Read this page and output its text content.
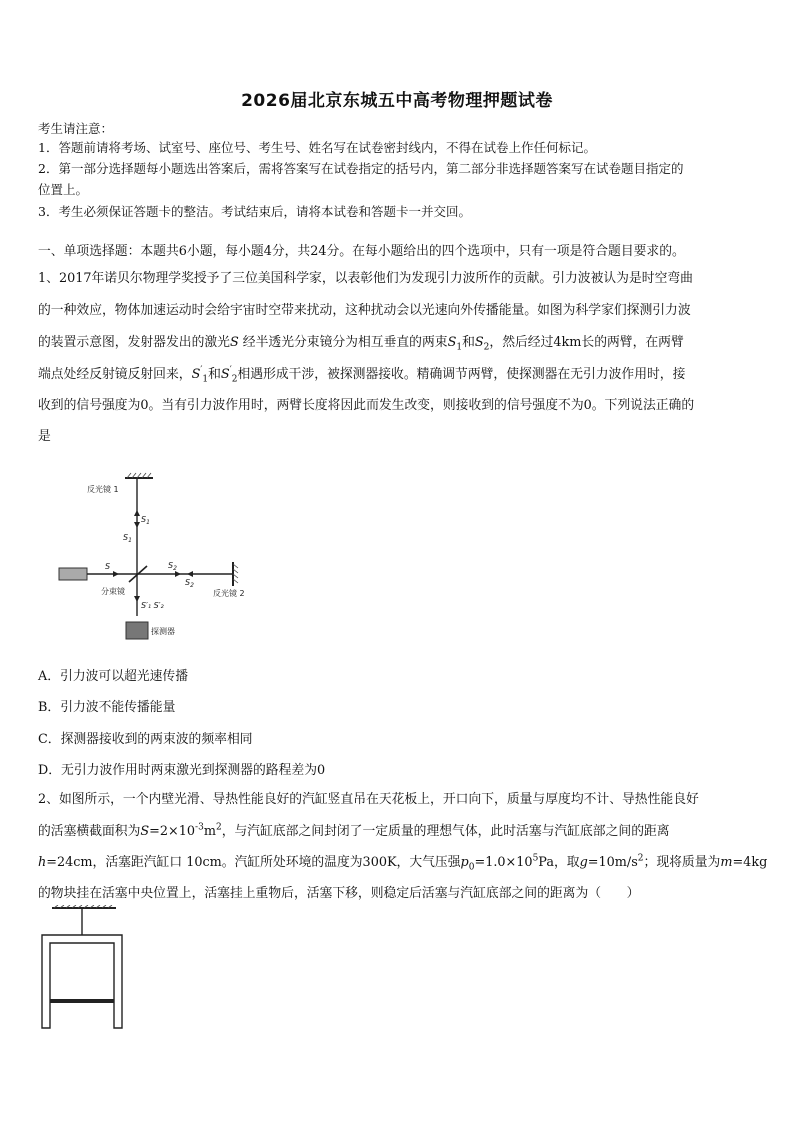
2026届北京东城五中高考物理押题试卷
考生请注意：
1．答题前请将考场、试室号、座位号、考生号、姓名写在试卷密封线内，不得在试卷上作任何标记。
2．第一部分选择题每小题选出答案后，需将答案写在试卷指定的括号内，第二部分非选择题答案写在试卷题目指定的
位置上。
3．考生必须保证答题卡的整洁。考试结束后，请将本试卷和答题卡一并交回。
一、单项选择题：本题共6小题，每小题4分，共24分。在每小题给出的四个选项中，只有一项是符合题目要求的。
1、2017年诺贝尔物理学奖授予了三位美国科学家，以表彰他们为发现引力波所作的贡献。引力波被认为是时空弯曲
的一种效应，物体加速运动时会给宇宙时空带来扰动，这种扰动会以光速向外传播能量。如图为科学家们探测引力波
的装置示意图，发射器发出的激光S 经半透光分束镜分为相互垂直的两束$S_1$和$S_2$，然后经过4km长的两臂，在两臂
端点处经反射镜反射回来，$S'_1$和$S'_2$相遇形成干涉，被探测器接收。精确调节两臂，使探测器在无引力波作用时，接
收到的信号强度为0。当有引力波作用时，两臂长度将因此而发生改变，则接收到的信号强度不为0。下列说法正确的
是
反光镜 1
$S_1$
$S_1$
S
分束镜
$S_2$
$S_2$
反光镜 2
S′₁ S′₂
探测器
A．引力波可以超光速传播
B．引力波不能传播能量
C．探测器接收到的两束波的频率相同
D．无引力波作用时两束激光到探测器的路程差为0
2、如图所示，一个内壁光滑、导热性能良好的汽缸竖直吊在天花板上，开口向下，质量与厚度均不计、导热性能良好
的活塞横截面积为$S=2\times 10^{-3}m^2$，与汽缸底部之间封闭了一定质量的理想气体，此时活塞与汽缸底部之间的距离
h=24cm，活塞距汽缸口 10cm。汽缸所处环境的温度为300K，大气压强$p_0=1.0\times 10^5Pa$，取$g=10m/s^2$；现将质量为m=4kg
的物块挂在活塞中央位置上，活塞挂上重物后，活塞下移，则稳定后活塞与汽缸底部之间的距离为（　　）
